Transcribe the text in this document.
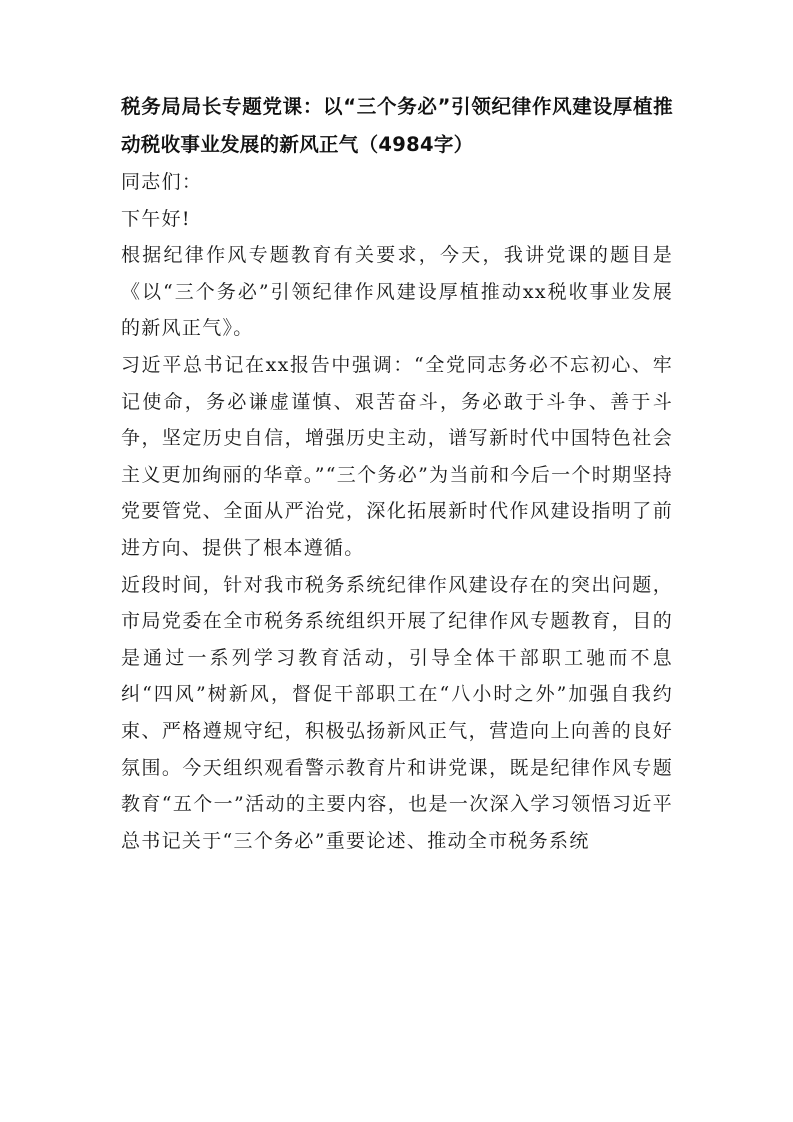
税务局局长专题党课：以“三个务必”引领纪律作风建设厚植推动税收事业发展的新风正气（4984字）

同志们：

下午好!

根据纪律作风专题教育有关要求，今天，我讲党课的题目是《以“三个务必”引领纪律作风建设厚植推动xx税收事业发展的新风正气》。

习近平总书记在xx报告中强调：“全党同志务必不忘初心、牢记使命，务必谦虚谨慎、艰苦奋斗，务必敢于斗争、善于斗争，坚定历史自信，增强历史主动，谱写新时代中国特色社会主义更加绚丽的华章。”“三个务必”为当前和今后一个时期坚持党要管党、全面从严治党，深化拓展新时代作风建设指明了前进方向、提供了根本遵循。

近段时间，针对我市税务系统纪律作风建设存在的突出问题，市局党委在全市税务系统组织开展了纪律作风专题教育，目的是通过一系列学习教育活动，引导全体干部职工驰而不息纠“四风”树新风，督促干部职工在“八小时之外”加强自我约束、严格遵规守纪，积极弘扬新风正气，营造向上向善的良好氛围。今天组织观看警示教育片和讲党课，既是纪律作风专题教育“五个一”活动的主要内容，也是一次深入学习领悟习近平总书记关于“三个务必”重要论述、推动全市税务系统
